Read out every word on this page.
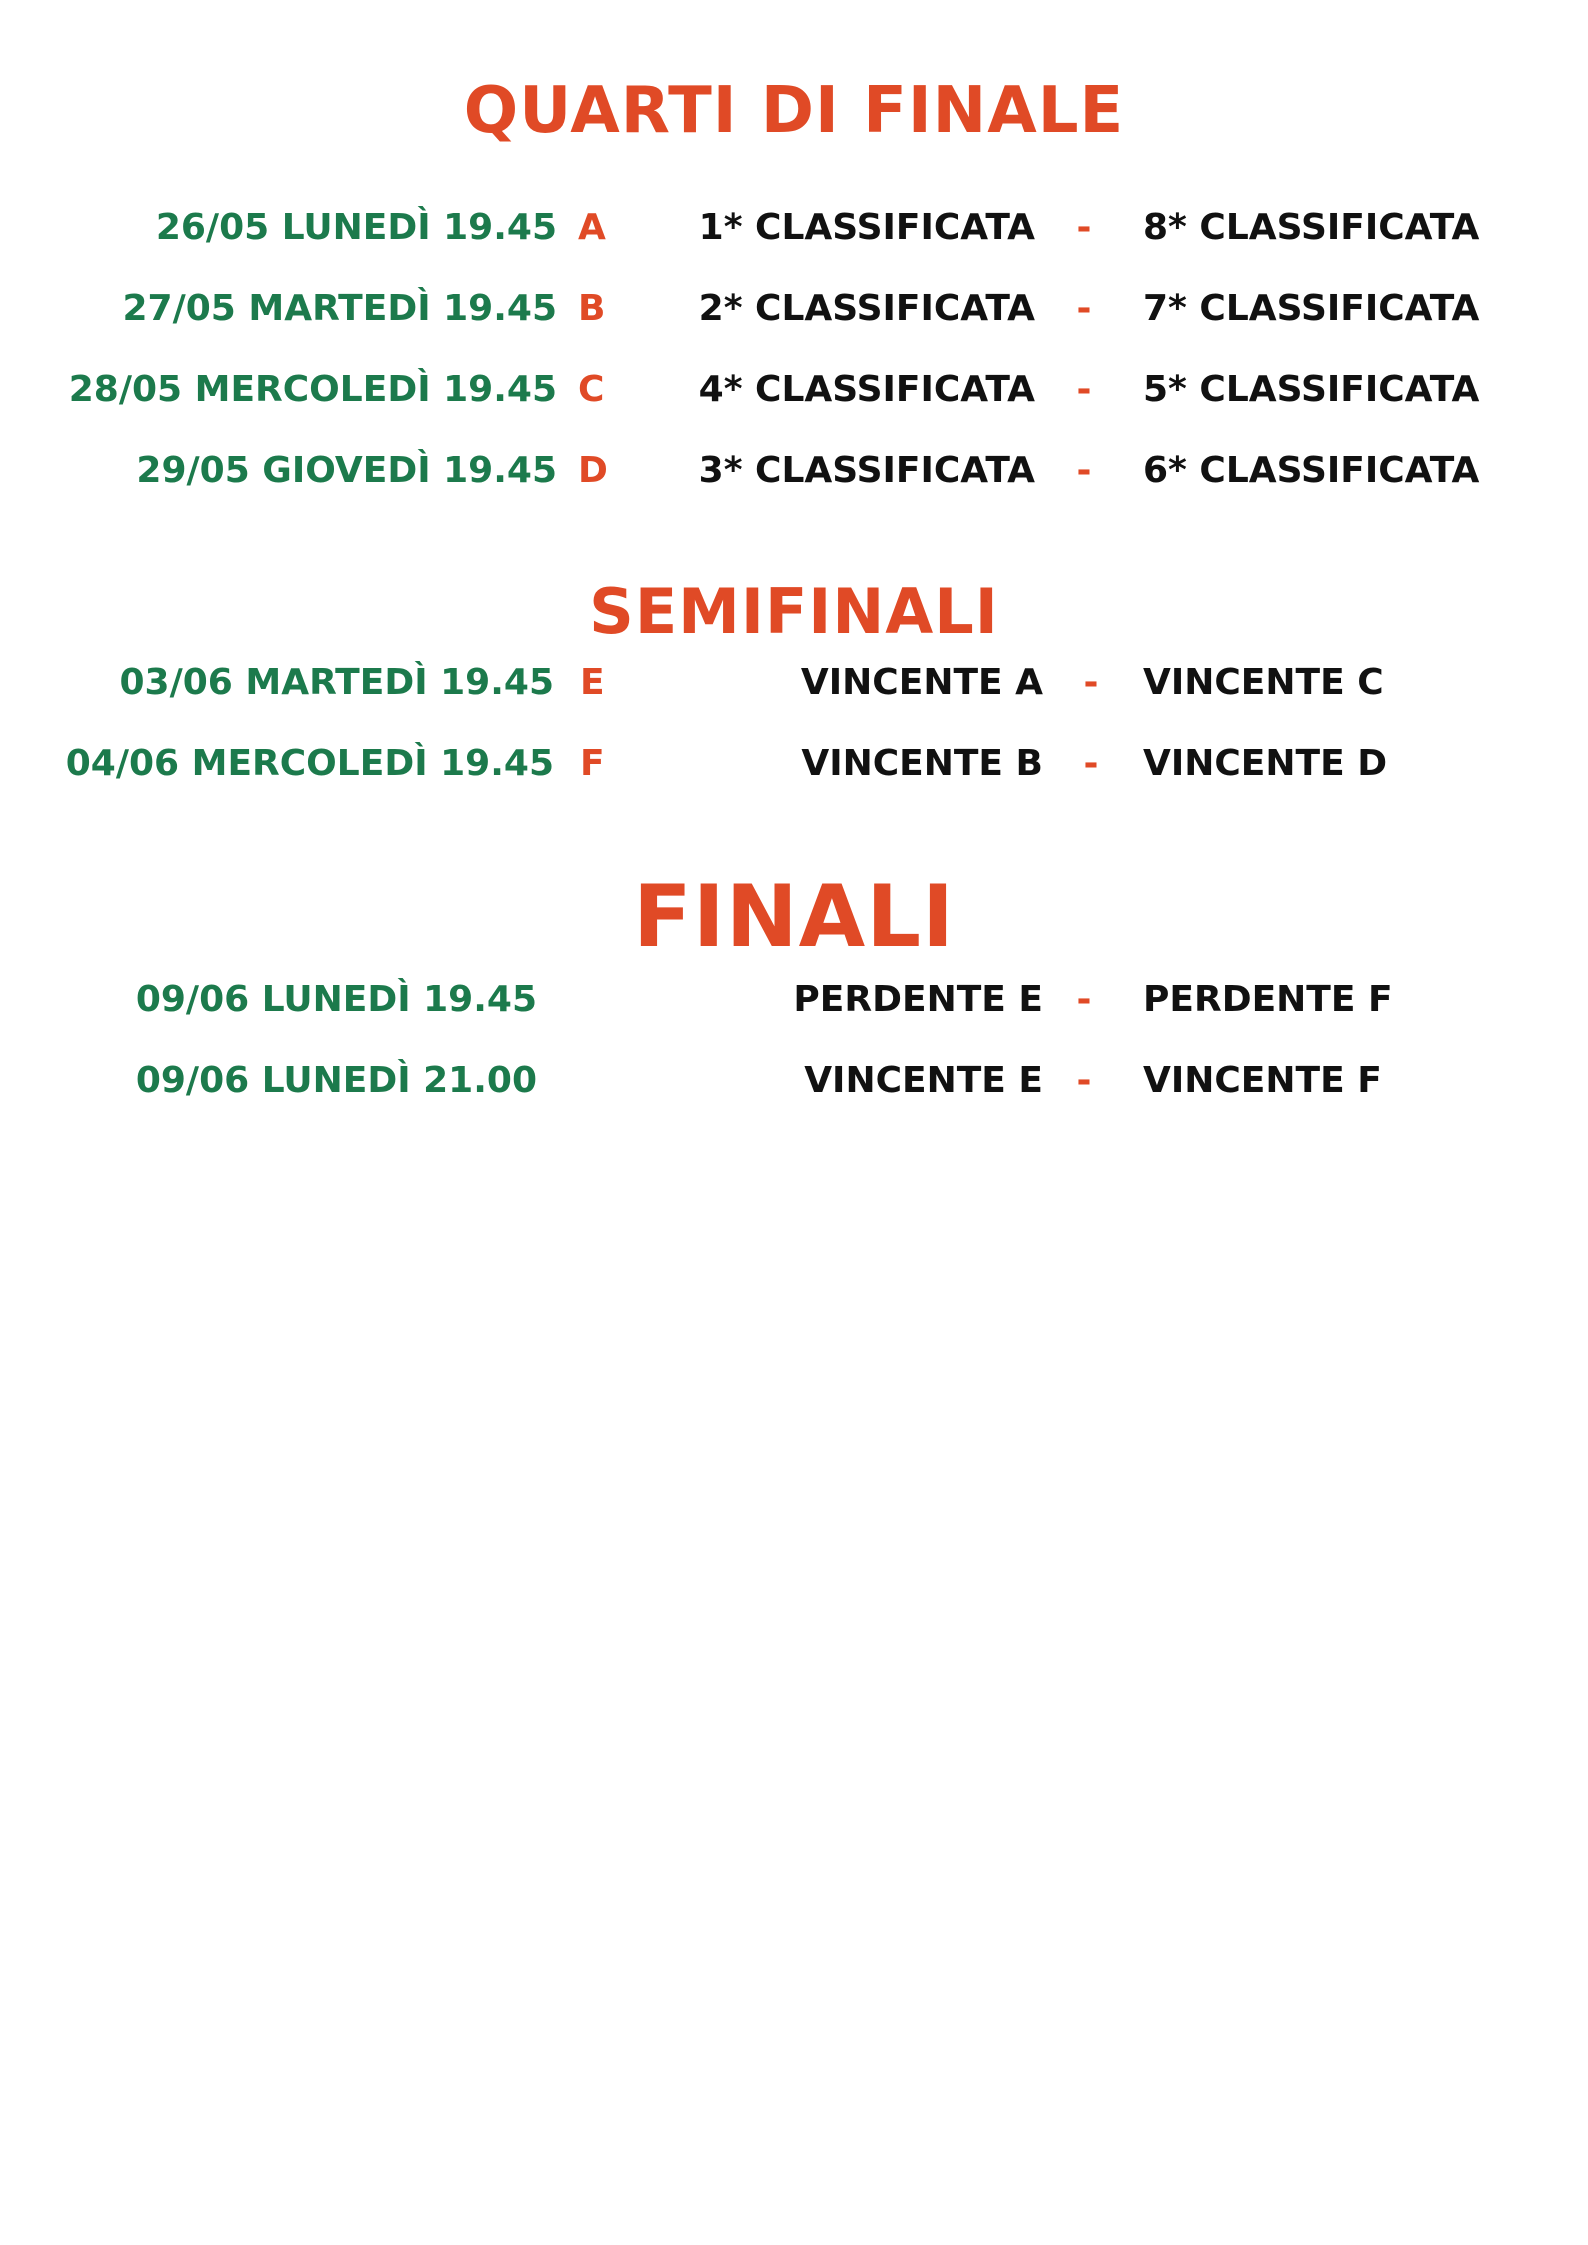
QUARTI DI FINALE
26/05 LUNEDÌ 19.45 A	1* CLASSIFICATA	-	8* CLASSIFICATA
27/05 MARTEDÌ 19.45 B	2* CLASSIFICATA	-	7* CLASSIFICATA
28/05 MERCOLEDÌ 19.45 C	4* CLASSIFICATA	-	5* CLASSIFICATA
29/05 GIOVEDÌ 19.45 D	3* CLASSIFICATA	-	6* CLASSIFICATA
SEMIFINALI
03/06 MARTEDÌ 19.45 E	VINCENTE A	-	VINCENTE C
04/06 MERCOLEDÌ 19.45 F	VINCENTE B	-	VINCENTE D
FINALI
09/06 LUNEDÌ 19.45	PERDENTE E -	PERDENTE F
09/06 LUNEDÌ 21.00	VINCENTE E -	VINCENTE F
